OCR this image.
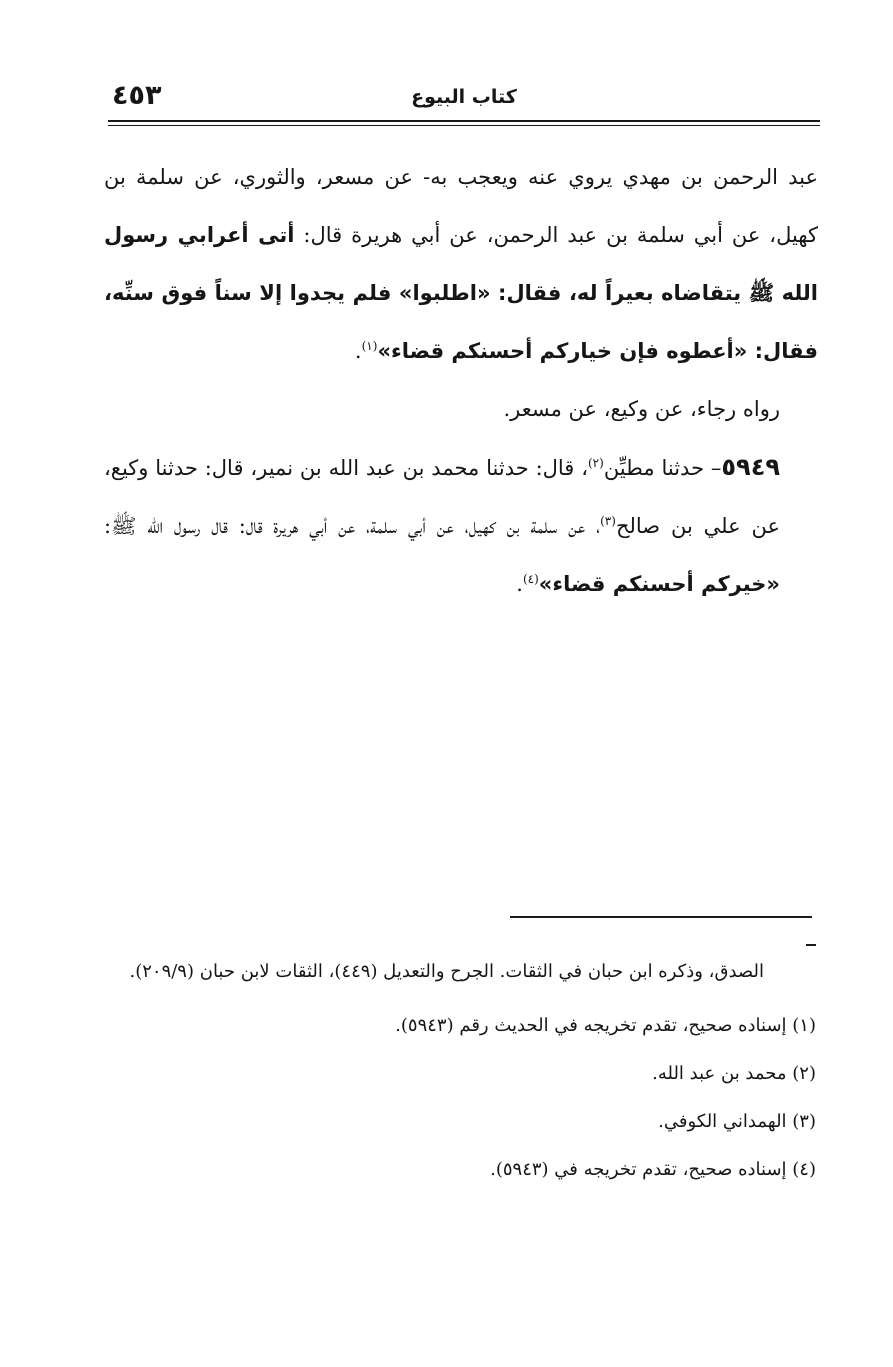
٤٥٣	كتاب البيوع

عبد الرحمن بن مهدي يروي عنه ويعجب به- عن مسعر، والثوري، عن سلمة بن كهيل، عن أبي سلمة بن عبد الرحمن، عن أبي هريرة قال: أتى أعرابي رسول الله ﷺ يتقاضاه بعيراً له، فقال: «اطلبوا» فلم يجدوا إلا سناً فوق سنِّه، فقال: «أعطوه فإن خياركم أحسنكم قضاء»$^{(١)}$.

رواه رجاء، عن وكيع، عن مسعر.

٥٩٤٩– حدثنا مطيِّن$^{(٢)}$، قال: حدثنا محمد بن عبد الله بن نمير، قال: حدثنا وكيع، عن علي بن صالح$^{(٣)}$، عن سلمة بن كهيل، عن أبي سلمة، عن أبي هريرة قال: قال رسول الله ﷺ: «خيركم أحسنكم قضاء»$^{(٤)}$.

الصدق، وذكره ابن حبان في الثقات. الجرح والتعديل (٤٤٩)، الثقات لابن حبان (٢٠٩/٩).

(١) إسناده صحيح، تقدم تخريجه في الحديث رقم (٥٩٤٣).

(٢) محمد بن عبد الله.

(٣) الهمداني الكوفي.

(٤) إسناده صحيح، تقدم تخريجه في (٥٩٤٣).
